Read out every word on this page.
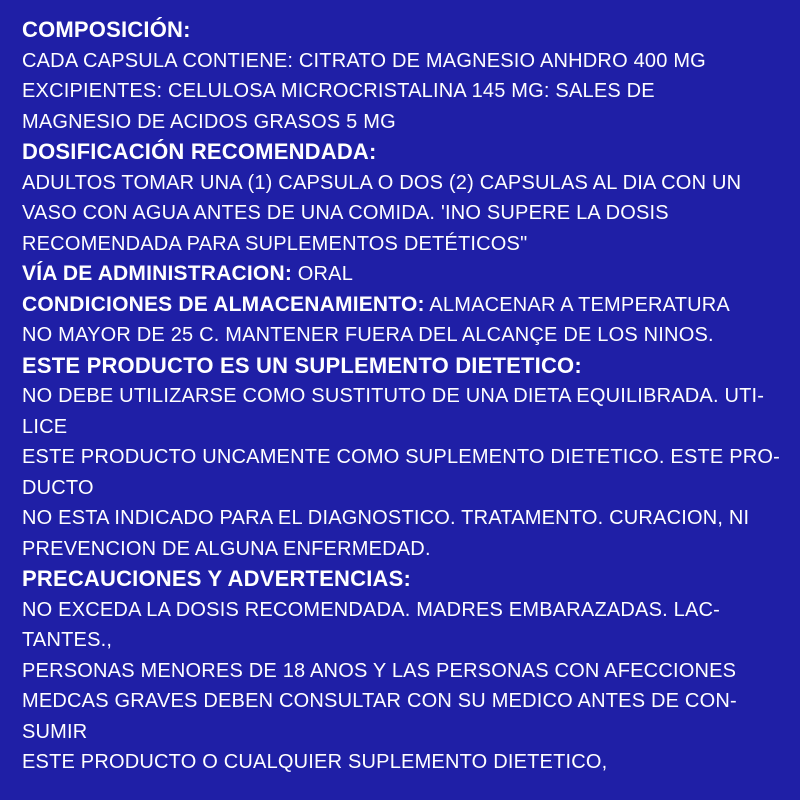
COMPOSICIÓN:
CADA CAPSULA CONTIENE: CITRATO DE MAGNESIO ANHDRO 400 MG
EXCIPIENTES: CELULOSA MICROCRISTALINA 145 MG: SALES DE
MAGNESIO DE ACIDOS GRASOS 5 MG
DOSIFICACIÓN RECOMENDADA:
ADULTOS TOMAR UNA (1) CAPSULA O DOS (2) CAPSULAS AL DIA CON UN
VASO CON AGUA ANTES DE UNA COMIDA. 'INO SUPERE LA DOSIS
RECOMENDADA PARA SUPLEMENTOS DETÉTICOS"
VÍA DE ADMINISTRACION: ORAL
CONDICIONES DE ALMACENAMIENTO: ALMACENAR A TEMPERATURA
NO MAYOR DE 25 C. MANTENER FUERA DEL ALCANÇE DE LOS NINOS.
ESTE PRODUCTO ES UN SUPLEMENTO DIETETICO:
NO DEBE UTILIZARSE COMO SUSTITUTO DE UNA DIETA EQUILIBRADA. UTI-
LICE
ESTE PRODUCTO UNCAMENTE COMO SUPLEMENTO DIETETICO. ESTE PRO-
DUCTO
NO ESTA INDICADO PARA EL DIAGNOSTICO. TRATAMENTO. CURACION, NI
PREVENCION DE ALGUNA ENFERMEDAD.
PRECAUCIONES Y ADVERTENCIAS:
NO EXCEDA LA DOSIS RECOMENDADA. MADRES EMBARAZADAS. LAC-
TANTES.,
PERSONAS MENORES DE 18 ANOS Y LAS PERSONAS CON AFECCIONES
MEDCAS GRAVES DEBEN CONSULTAR CON SU MEDICO ANTES DE CON-
SUMIR
ESTE PRODUCTO O CUALQUIER SUPLEMENTO DIETETICO,
